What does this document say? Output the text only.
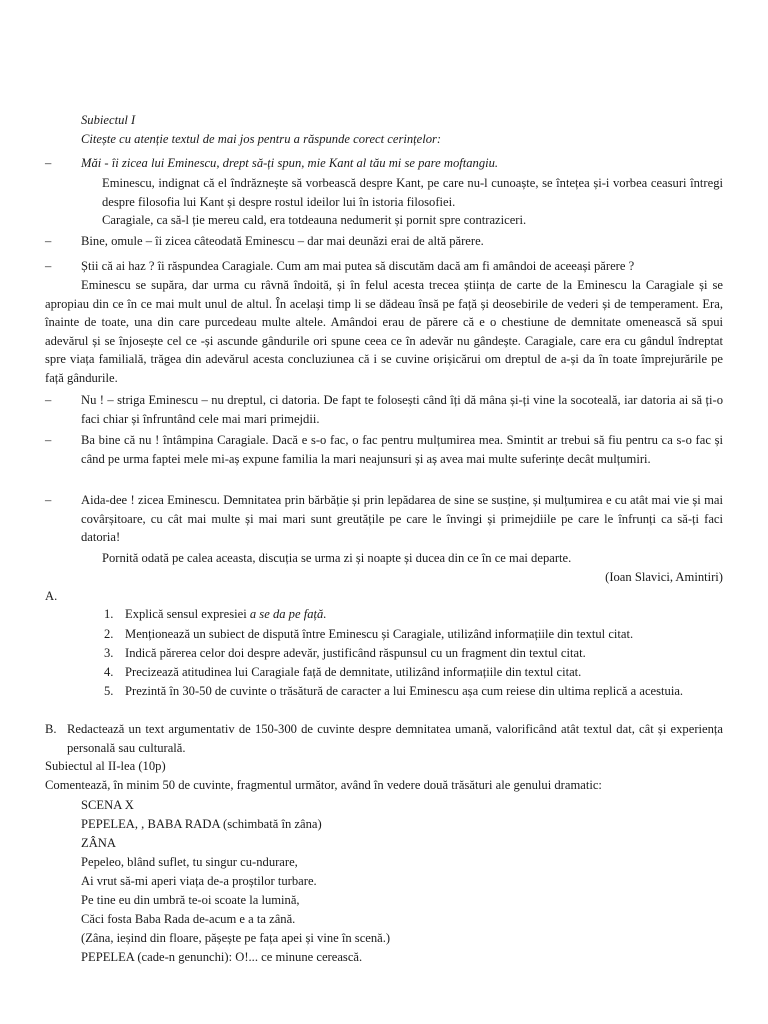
Subiectul I

Citește cu atenție textul de mai jos pentru a răspunde corect cerințelor:

– Măi - îi zicea lui Eminescu, drept să-ți spun, mie Kant al tău mi se pare moftangiu.

Eminescu, indignat că el îndrăznește să vorbească despre Kant, pe care nu-l cunoaște, se întețea și-i vorbea ceasuri întregi despre filosofia lui Kant și despre rostul ideilor lui în istoria filosofiei.

Caragiale, ca să-l ție mereu cald, era totdeauna nedumerit și pornit spre contraziceri.

– Bine, omule – îi zicea câteodată Eminescu – dar mai deunăzi erai de altă părere.

– Știi că ai haz ? îi răspundea Caragiale. Cum am mai putea să discutăm dacă am fi amândoi de aceeași părere ?

Eminescu se supăra, dar urma cu râvnă îndoită, și în felul acesta trecea știința de carte de la Eminescu la Caragiale și se apropiau din ce în ce mai mult unul de altul. În același timp li se dădeau însă pe față și deosebirile de vederi și de temperament. Era, înainte de toate, una din care purcedeau multe altele. Amândoi erau de părere că e o chestiune de demnitate omenească să spui adevărul și se înjosește cel ce -și ascunde gândurile ori spune ceea ce în adevăr nu gândește. Caragiale, care era cu gândul îndreptat spre viața familială, trăgea din adevărul acesta concluziunea că i se cuvine orișicărui om dreptul de a-și da în toate împrejurările pe față gândurile.

– Nu ! – striga Eminescu – nu dreptul, ci datoria. De fapt te folosești când îți dă mâna și-ți vine la socoteală, iar datoria ai să ți-o faci chiar și înfruntând cele mai mari primejdii.

– Ba bine că nu ! întâmpina Caragiale. Dacă e s-o fac, o fac pentru mulțumirea mea. Smintit ar trebui să fiu pentru ca s-o fac și când pe urma faptei mele mi-aș expune familia la mari neajunsuri și aș avea mai multe suferințe decât mulțumiri.

– Aida-dee ! zicea Eminescu. Demnitatea prin bărbăție și prin lepădarea de sine se susține, și mulțumirea e cu atât mai vie și mai covârșitoare, cu cât mai multe și mai mari sunt greutățile pe care le învingi și primejdiile pe care le înfrunți ca să-ți faci datoria!

Pornită odată pe calea aceasta, discuția se urma zi și noapte și ducea din ce în ce mai departe.

(Ioan Slavici, Amintiri)

A.

1. Explică sensul expresiei a se da pe față.

2. Menționează un subiect de dispută între Eminescu și Caragiale, utilizând informațiile din textul citat.

3. Indică părerea celor doi despre adevăr, justificând răspunsul cu un fragment din textul citat.

4. Precizează atitudinea lui Caragiale față de demnitate, utilizând informațiile din textul citat.

5. Prezintă în 30-50 de cuvinte o trăsătură de caracter a lui Eminescu așa cum reiese din ultima replică a acestuia.

B. Redactează un text argumentativ de 150-300 de cuvinte despre demnitatea umană, valorificând atât textul dat, cât și experiența personală sau culturală.

Subiectul al II-lea (10p)

Comentează, în minim 50 de cuvinte, fragmentul următor, având în vedere două trăsături ale genului dramatic:

SCENA X

PEPELEA, , BABA RADA (schimbată în zâna)

ZÂNA

Pepeleo, blând suflet, tu singur cu-ndurare,

Ai vrut să-mi aperi viața de-a proștilor turbare.

Pe tine eu din umbră te-oi scoate la lumină,

Căci fosta Baba Rada de-acum e a ta zână.

(Zâna, ieșind din floare, pășește pe fața apei și vine în scenă.)

PEPELEA (cade-n genunchi): O!... ce minune cerească.
